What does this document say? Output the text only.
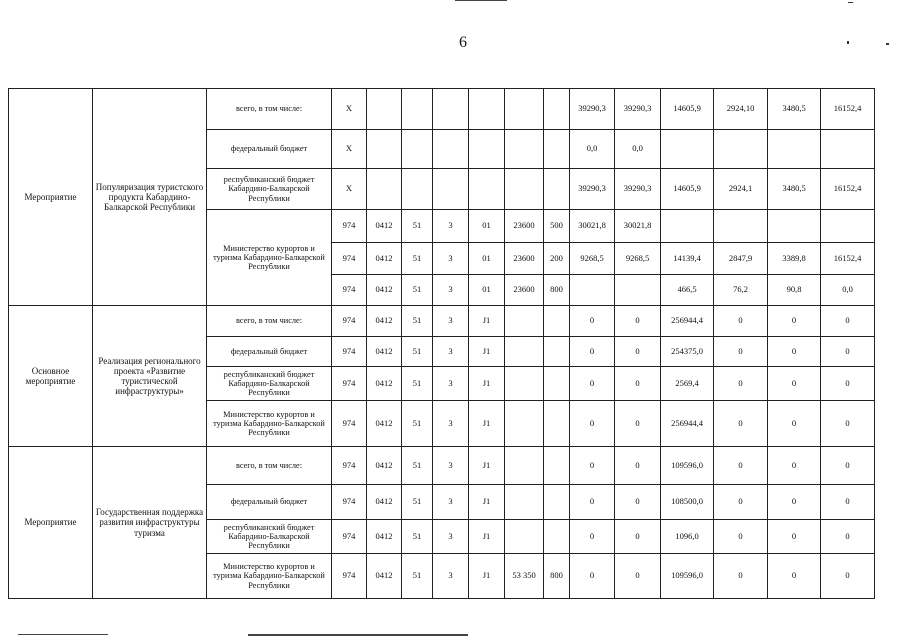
6
Мероприятие	Популяризация туристского продукта Кабардино-Балкарской Республики	всего, в том числе:	Х							39290,3	39290,3	14605,9	2924,10	3480,5	16152,4
		федеральный бюджет	Х							0,0	0,0				
		республиканский бюджет Кабардино-Балкарской Республики	Х							39290,3	39290,3	14605,9	2924,1	3480,5	16152,4
		Министерство курортов и туризма Кабардино-Балкарской Республики	974	0412	51	3	01	23600	500	30021,8	30021,8				
			974	0412	51	3	01	23600	200	9268,5	9268,5	14139,4	2847,9	3389,8	16152,4
			974	0412	51	3	01	23600	800			466,5	76,2	90,8	0,0
Основное мероприятие	Реализация регионального проекта «Развитие туристической инфраструктуры»	всего, в том числе:	974	0412	51	3	J1			0	0	256944,4	0	0	0
		федеральный бюджет	974	0412	51	3	J1			0	0	254375,0	0	0	0
		республиканский бюджет Кабардино-Балкарской Республики	974	0412	51	3	J1			0	0	2569,4	0	0	0
		Министерство курортов и туризма Кабардино-Балкарской Республики	974	0412	51	3	J1			0	0	256944,4	0	0	0
Мероприятие	Государственная поддержка развития инфраструктуры туризма	всего, в том числе:	974	0412	51	3	J1			0	0	109596,0	0	0	0
		федеральный бюджет	974	0412	51	3	J1			0	0	108500,0	0	0	0
		республиканский бюджет Кабардино-Балкарской Республики	974	0412	51	3	J1			0	0	1096,0	0	0	0
		Министерство курортов и туризма Кабардино-Балкарской Республики	974	0412	51	3	J1	53 350	800	0	0	109596,0	0	0	0
